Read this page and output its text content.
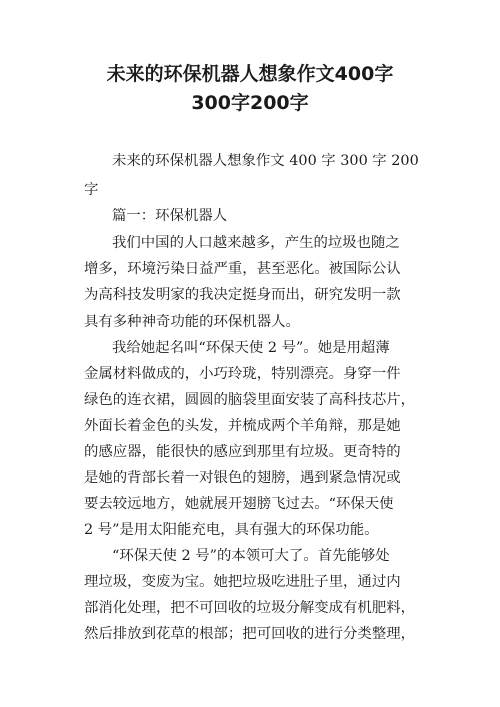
未来的环保机器人想象作文400字
300字200字
未来的环保机器人想象作文 400 字 300 字 200
字
篇一：环保机器人
我们中国的人口越来越多，产生的垃圾也随之
增多，环境污染日益严重，甚至恶化。被国际公认
为高科技发明家的我决定挺身而出，研究发明一款
具有多种神奇功能的环保机器人。
我给她起名叫“环保天使 2 号”。她是用超薄
金属材料做成的，小巧玲珑，特别漂亮。身穿一件
绿色的连衣裙，圆圆的脑袋里面安装了高科技芯片，
外面长着金色的头发，并梳成两个羊角辩，那是她
的感应器，能很快的感应到那里有垃圾。更奇特的
是她的背部长着一对银色的翅膀，遇到紧急情况或
要去较远地方，她就展开翅膀飞过去。“环保天使
2 号”是用太阳能充电，具有强大的环保功能。
“环保天使 2 号”的本领可大了。首先能够处
理垃圾，变废为宝。她把垃圾吃进肚子里，通过内
部消化处理，把不可回收的垃圾分解变成有机肥料，
然后排放到花草的根部；把可回收的进行分类整理，
